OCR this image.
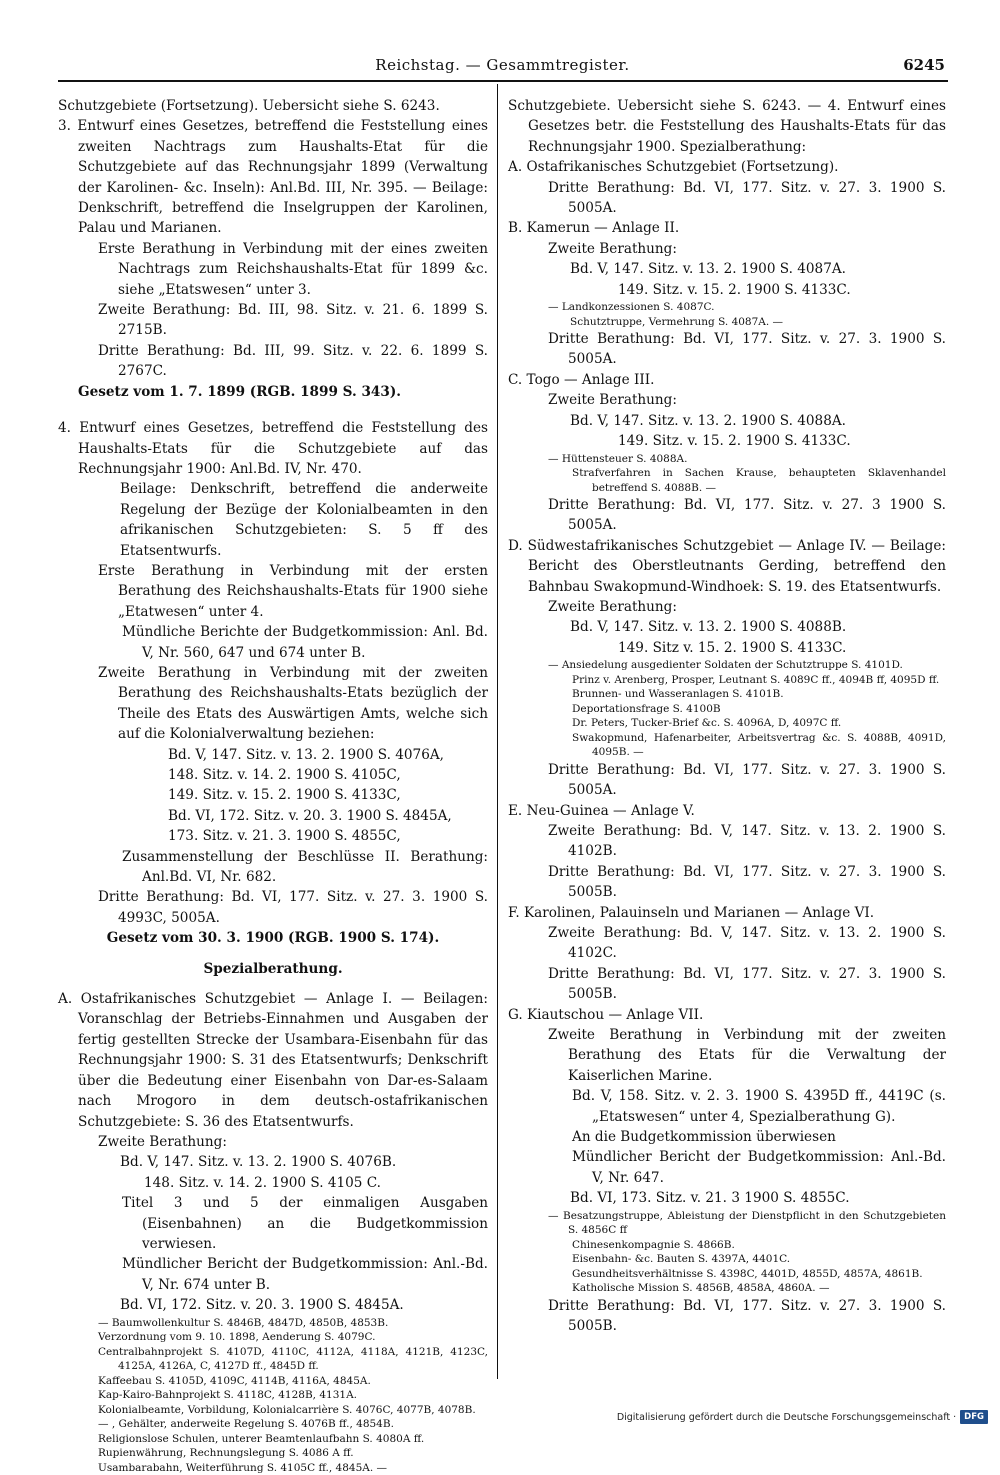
Reichstag. — Gesammtregister.	6245

Schutzgebiete (Fortsetzung). Uebersicht siehe S. 6243.

3. Entwurf eines Gesetzes, betreffend die Feststellung eines zweiten Nachtrags zum Haushalts-Etat für die Schutzgebiete auf das Rechnungsjahr 1899 (Verwaltung der Karolinen- &c. Inseln): Anl.Bd. III, Nr. 395. — Beilage: Denkschrift, betreffend die Inselgruppen der Karolinen, Palau und Marianen.

Erste Berathung in Verbindung mit der eines zweiten Nachtrags zum Reichshaushalts-Etat für 1899 &c. siehe „Etatswesen“ unter 3.

Zweite Berathung: Bd. III, 98. Sitz. v. 21. 6. 1899 S. 2715B.

Dritte Berathung: Bd. III, 99. Sitz. v. 22. 6. 1899 S. 2767C.

Gesetz vom 1. 7. 1899 (RGB. 1899 S. 343).

4. Entwurf eines Gesetzes, betreffend die Feststellung des Haushalts-Etats für die Schutzgebiete auf das Rechnungsjahr 1900: Anl.Bd. IV, Nr. 470.

Beilage: Denkschrift, betreffend die anderweite Regelung der Bezüge der Kolonialbeamten in den afrikanischen Schutzgebieten: S. 5 ff des Etatsentwurfs.

Erste Berathung in Verbindung mit der ersten Berathung des Reichshaushalts-Etats für 1900 siehe „Etatwesen“ unter 4.

Mündliche Berichte der Budgetkommission: Anl. Bd. V, Nr. 560, 647 und 674 unter B.

Zweite Berathung in Verbindung mit der zweiten Berathung des Reichshaushalts-Etats bezüglich der Theile des Etats des Auswärtigen Amts, welche sich auf die Kolonialverwaltung beziehen:

Bd. V, 147. Sitz. v. 13. 2. 1900 S. 4076A,

148. Sitz. v. 14. 2. 1900 S. 4105C,

149. Sitz. v. 15. 2. 1900 S. 4133C,

Bd. VI, 172. Sitz. v. 20. 3. 1900 S. 4845A,

173. Sitz. v. 21. 3. 1900 S. 4855C,

Zusammenstellung der Beschlüsse II. Berathung: Anl.Bd. VI, Nr. 682.

Dritte Berathung: Bd. VI, 177. Sitz. v. 27. 3. 1900 S. 4993C, 5005A.

Gesetz vom 30. 3. 1900 (RGB. 1900 S. 174).

Spezialberathung.

A. Ostafrikanisches Schutzgebiet — Anlage I. — Beilagen: Voranschlag der Betriebs-Einnahmen und Ausgaben der fertig gestellten Strecke der Usambara-Eisenbahn für das Rechnungsjahr 1900: S. 31 des Etatsentwurfs; Denkschrift über die Bedeutung einer Eisenbahn von Dar-es-Salaam nach Mrogoro in dem deutsch-ostafrikanischen Schutzgebiete: S. 36 des Etatsentwurfs.

Zweite Berathung:

Bd. V, 147. Sitz. v. 13. 2. 1900 S. 4076B.

148. Sitz. v. 14. 2. 1900 S. 4105 C.

Titel 3 und 5 der einmaligen Ausgaben (Eisenbahnen) an die Budgetkommission verwiesen.

Mündlicher Bericht der Budgetkommission: Anl.-Bd. V, Nr. 674 unter B.

Bd. VI, 172. Sitz. v. 20. 3. 1900 S. 4845A.

— Baumwollenkultur S. 4846B, 4847D, 4850B, 4853B.

Verzordnung vom 9. 10. 1898, Aenderung S. 4079C.

Centralbahnprojekt S. 4107D, 4110C, 4112A, 4118A, 4121B, 4123C, 4125A, 4126A, C, 4127D ff., 4845D ff.

Kaffeebau S. 4105D, 4109C, 4114B, 4116A, 4845A.

Kap-Kairo-Bahnprojekt S. 4118C, 4128B, 4131A.

Kolonialbeamte, Vorbildung, Kolonialcarrière S. 4076C, 4077B, 4078B.

— , Gehälter, anderweite Regelung S. 4076B ff., 4854B.

Religionslose Schulen, unterer Beamtenlaufbahn S. 4080A ff.

Rupienwährung, Rechnungslegung S. 4086 A ff.

Usambarabahn, Weiterführung S. 4105C ff., 4845A. —

Schutzgebiete. Uebersicht siehe S. 6243. — 4. Entwurf eines Gesetzes betr. die Feststellung des Haushalts-Etats für das Rechnungsjahr 1900. Spezialberathung:

A. Ostafrikanisches Schutzgebiet (Fortsetzung).

Dritte Berathung: Bd. VI, 177. Sitz. v. 27. 3. 1900 S. 5005A.

B. Kamerun — Anlage II.

Zweite Berathung:

Bd. V, 147. Sitz. v. 13. 2. 1900 S. 4087A.

149. Sitz. v. 15. 2. 1900 S. 4133C.

— Landkonzessionen S. 4087C.

Schutztruppe, Vermehrung S. 4087A. —

Dritte Berathung: Bd. VI, 177. Sitz. v. 27. 3. 1900 S. 5005A.

C. Togo — Anlage III.

Zweite Berathung:

Bd. V, 147. Sitz. v. 13. 2. 1900 S. 4088A.

149. Sitz. v. 15. 2. 1900 S. 4133C.

— Hüttensteuer S. 4088A.

Strafverfahren in Sachen Krause, behaupteten Sklavenhandel betreffend S. 4088B. —

Dritte Berathung: Bd. VI, 177. Sitz. v. 27. 3 1900 S. 5005A.

D. Südwestafrikanisches Schutzgebiet — Anlage IV. — Beilage: Bericht des Oberstleutnants Gerding, betreffend den Bahnbau Swakopmund-Windhoek: S. 19. des Etatsentwurfs.

Zweite Berathung:

Bd. V, 147. Sitz. v. 13. 2. 1900 S. 4088B.

149. Sitz v. 15. 2. 1900 S. 4133C.

— Ansiedelung ausgedienter Soldaten der Schutztruppe S. 4101D.

Prinz v. Arenberg, Prosper, Leutnant S. 4089C ff., 4094B ff, 4095D ff.

Brunnen- und Wasseranlagen S. 4101B.

Deportationsfrage S. 4100B

Dr. Peters, Tucker-Brief &c. S. 4096A, D, 4097C ff.

Swakopmund, Hafenarbeiter, Arbeitsvertrag &c. S. 4088B, 4091D, 4095B. —

Dritte Berathung: Bd. VI, 177. Sitz. v. 27. 3. 1900 S. 5005A.

E. Neu-Guinea — Anlage V.

Zweite Berathung: Bd. V, 147. Sitz. v. 13. 2. 1900 S. 4102B.

Dritte Berathung: Bd. VI, 177. Sitz. v. 27. 3. 1900 S. 5005B.

F. Karolinen, Palauinseln und Marianen — Anlage VI.

Zweite Berathung: Bd. V, 147. Sitz. v. 13. 2. 1900 S. 4102C.

Dritte Berathung: Bd. VI, 177. Sitz. v. 27. 3. 1900 S. 5005B.

G. Kiautschou — Anlage VII.

Zweite Berathung in Verbindung mit der zweiten Berathung des Etats für die Verwaltung der Kaiserlichen Marine.

Bd. V, 158. Sitz. v. 2. 3. 1900 S. 4395D ff., 4419C (s. „Etatswesen“ unter 4, Spezialberathung G).

An die Budgetkommission überwiesen

Mündlicher Bericht der Budgetkommission: Anl.-Bd. V, Nr. 647.

Bd. VI, 173. Sitz. v. 21. 3 1900 S. 4855C.

— Besatzungstruppe, Ableistung der Dienstpflicht in den Schutzgebieten S. 4856C ff

Chinesenkompagnie S. 4866B.

Eisenbahn- &c. Bauten S. 4397A, 4401C.

Gesundheitsverhältnisse S. 4398C, 4401D, 4855D, 4857A, 4861B.

Katholische Mission S. 4856B, 4858A, 4860A. —

Dritte Berathung: Bd. VI, 177. Sitz. v. 27. 3. 1900 S. 5005B.

Digitalisierung gefördert durch die Deutsche Forschungsgemeinschaft · DFG
